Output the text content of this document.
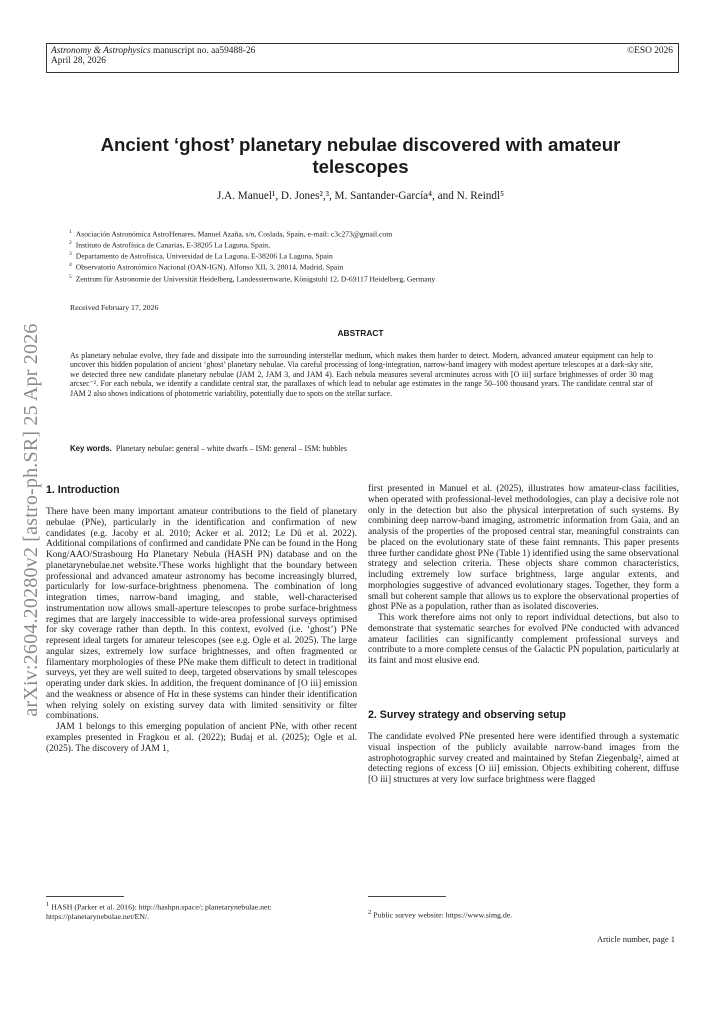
Astronomy & Astrophysics manuscript no. aa59488-26
April 28, 2026
©ESO 2026
arXiv:2604.20280v2 [astro-ph.SR] 25 Apr 2026
Ancient ‘ghost’ planetary nebulae discovered with amateur telescopes
J.A. Manuel¹, D. Jones²,³, M. Santander-García⁴, and N. Reindl⁵
$^1$ Asociación Astronómica AstroHenares, Manuel Azaña, s/n, Coslada, Spain, e-mail: c3c273@gmail.com
$^2$ Instituto de Astrofísica de Canarias, E-38205 La Laguna, Spain,
$^3$ Departamento de Astrofísica, Universidad de La Laguna, E-38206 La Laguna, Spain
$^4$ Observatorio Astronómico Nacional (OAN-IGN), Alfonso XII, 3, 28014, Madrid, Spain
$^5$ Zentrum für Astronomie der Universität Heidelberg, Landessternwarte, Königstuhl 12, D-69117 Heidelberg, Germany
Received February 17, 2026
ABSTRACT
As planetary nebulae evolve, they fade and dissipate into the surrounding interstellar medium, which makes them harder to detect. Modern, advanced amateur equipment can help to uncover this hidden population of ancient ‘ghost’ planetary nebulae. Via careful processing of long-integration, narrow-band imagery with modest aperture telescopes at a dark-sky site, we detected three new candidate planetary nebulae (JAM 2, JAM 3, and JAM 4). Each nebula measures several arcminutes across with [O iii] surface brightnesses of order 30 mag arcsec⁻². For each nebula, we identify a candidate central star, the parallaxes of which lead to nebular age estimates in the range 50–100 thousand years. The candidate central star of JAM 2 also shows indications of photometric variability, potentially due to spots on the stellar surface.
Key words. Planetary nebulae: general – white dwarfs – ISM: general – ISM: bubbles
1. Introduction

There have been many important amateur contributions to the field of planetary nebulae (PNe), particularly in the identification and confirmation of new candidates (e.g. Jacoby et al. 2010; Acker et al. 2012; Le Dû et al. 2022). Additional compilations of confirmed and candidate PNe can be found in the Hong Kong/AAO/Strasbourg Hα Planetary Nebula (HASH PN) database and on the planetarynebulae.net website.¹These works highlight that the boundary between professional and advanced amateur astronomy has become increasingly blurred, particularly for low-surface-brightness phenomena. The combination of long integration times, narrow-band imaging, and stable, well-characterised instrumentation now allows small-aperture telescopes to probe surface-brightness regimes that are largely inaccessible to wide-area professional surveys optimised for sky coverage rather than depth. In this context, evolved (i.e. ‘ghost’) PNe represent ideal targets for amateur telescopes (see e.g. Ogle et al. 2025). The large angular sizes, extremely low surface brightnesses, and often fragmented or filamentary morphologies of these PNe make them difficult to detect in traditional surveys, yet they are well suited to deep, targeted observations by small telescopes operating under dark skies. In addition, the frequent dominance of [O iii] emission and the weakness or absence of Hα in these systems can hinder their identification when relying solely on existing survey data with limited sensitivity or filter combinations.

JAM 1 belongs to this emerging population of ancient PNe, with other recent examples presented in Fragkou et al. (2022); Budaj et al. (2025); Ogle et al. (2025). The discovery of JAM 1,

first presented in Manuel et al. (2025), illustrates how amateur-class facilities, when operated with professional-level methodologies, can play a decisive role not only in the detection but also the physical interpretation of such systems. By combining deep narrow-band imaging, astrometric information from Gaia, and an analysis of the properties of the proposed central star, meaningful constraints can be placed on the evolutionary state of these faint remnants. This paper presents three further candidate ghost PNe (Table 1) identified using the same observational strategy and selection criteria. These objects share common characteristics, including extremely low surface brightness, large angular extents, and morphologies suggestive of advanced evolutionary stages. Together, they form a small but coherent sample that allows us to explore the observational properties of ghost PNe as a population, rather than as isolated discoveries.

This work therefore aims not only to report individual detections, but also to demonstrate that systematic searches for evolved PNe conducted with advanced amateur facilities can significantly complement professional surveys and contribute to a more complete census of the Galactic PN population, particularly at its faint and most elusive end.

2. Survey strategy and observing setup

The candidate evolved PNe presented here were identified through a systematic visual inspection of the publicly available narrow-band images from the astrophotographic survey created and maintained by Stefan Ziegenbalg², aimed at detecting regions of excess [O iii] emission. Objects exhibiting coherent, diffuse [O iii] structures at very low surface brightness were flagged

$^1$ HASH (Parker et al. 2016): http://hashpn.space/; planetarynebulae.net: https://planetarynebulae.net/EN/.	$^2$ Public survey website: https://www.simg.de.
Article number, page 1
